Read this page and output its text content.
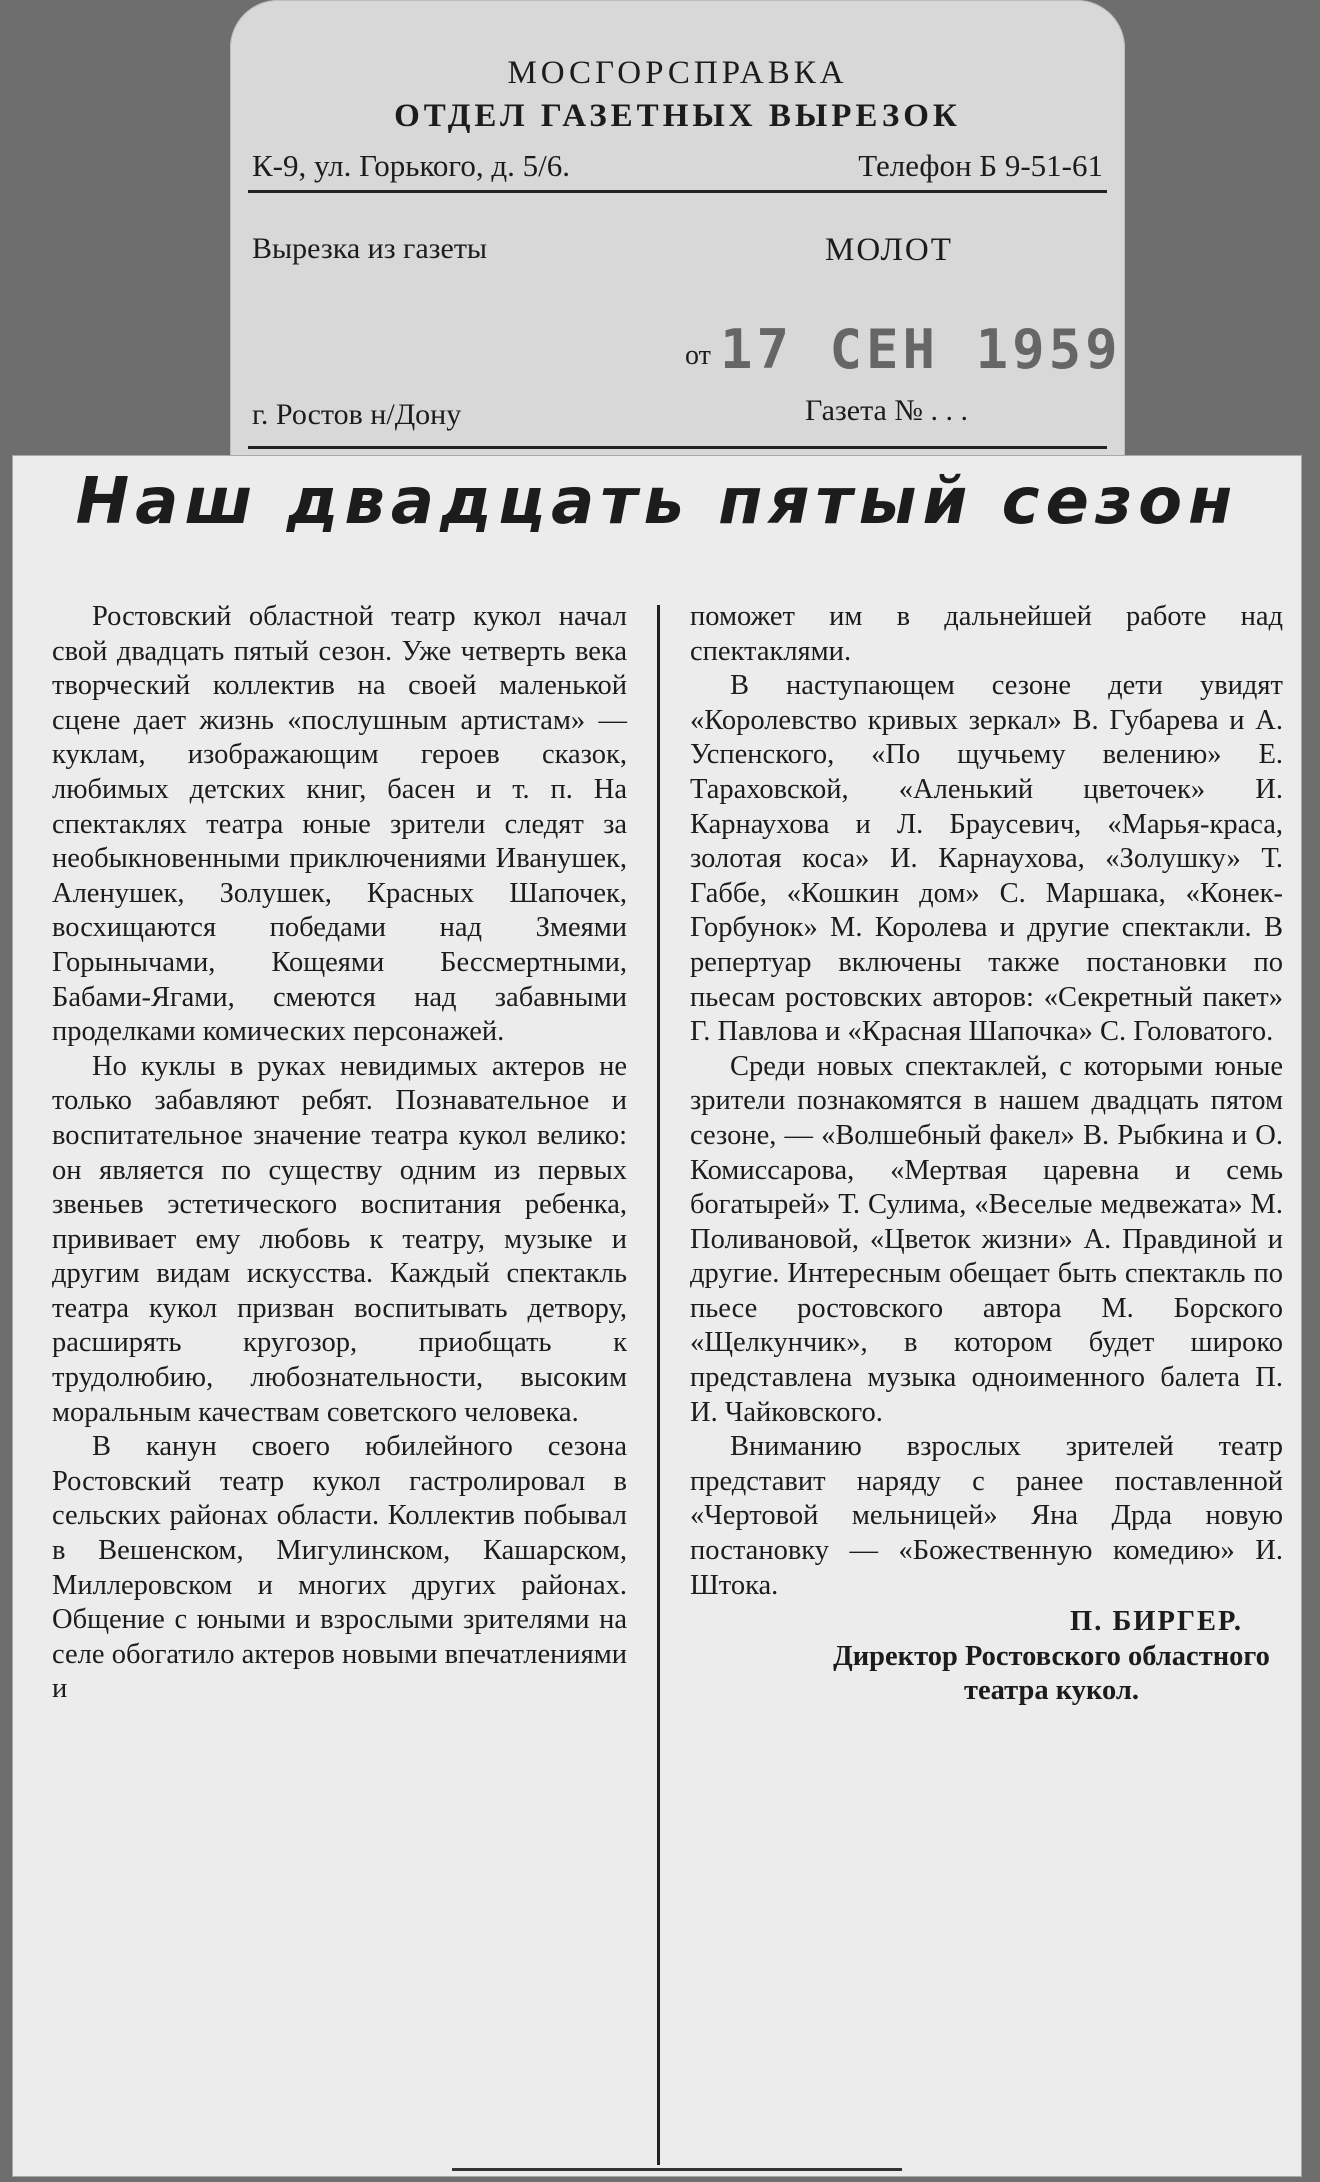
МОСГОРСПРАВКА
ОТДЕЛ ГАЗЕТНЫХ ВЫРЕЗОК
К-9, ул. Горького, д. 5/6.	Телефон Б 9-51-61
Вырезка из газеты	МОЛОТ
от 17 СЕН 1959
г. Ростов н/Дону	Газета № . . .
Наш двадцать пятый сезон

Ростовский областной театр кукол начал свой двадцать пятый сезон. Уже четверть века творческий коллектив на своей маленькой сцене дает жизнь «послушным артистам» — куклам, изображающим героев сказок, любимых детских книг, басен и т. п. На спектаклях театра юные зрители следят за необыкновенными приключениями Иванушек, Аленушек, Золушек, Красных Шапочек, восхищаются победами над Змеями Горынычами, Кощеями Бессмертными, Бабами-Ягами, смеются над забавными проделками комических персонажей.

Но куклы в руках невидимых актеров не только забавляют ребят. Познавательное и воспитательное значение театра кукол велико: он является по существу одним из первых звеньев эстетического воспитания ребенка, прививает ему любовь к театру, музыке и другим видам искусства. Каждый спектакль театра кукол призван воспитывать детвору, расширять кругозор, приобщать к трудолюбию, любознательности, высоким моральным качествам советского человека.

В канун своего юбилейного сезона Ростовский театр кукол гастролировал в сельских районах области. Коллектив побывал в Вешенском, Мигулинском, Кашарском, Миллеровском и многих других районах. Общение с юными и взрослыми зрителями на селе обогатило актеров новыми впечатлениями и

поможет им в дальнейшей работе над спектаклями.

В наступающем сезоне дети увидят «Королевство кривых зеркал» В. Губарева и А. Успенского, «По щучьему велению» Е. Тараховской, «Аленький цветочек» И. Карнаухова и Л. Браусевич, «Марья-краса, золотая коса» И. Карнаухова, «Золушку» Т. Габбе, «Кошкин дом» С. Маршака, «Конек-Горбунок» М. Королева и другие спектакли. В репертуар включены также постановки по пьесам ростовских авторов: «Секретный пакет» Г. Павлова и «Красная Шапочка» С. Головатого.

Среди новых спектаклей, с которыми юные зрители познакомятся в нашем двадцать пятом сезоне, — «Волшебный факел» В. Рыбкина и О. Комиссарова, «Мертвая царевна и семь богатырей» Т. Сулима, «Веселые медвежата» М. Поливановой, «Цветок жизни» А. Правдиной и другие. Интересным обещает быть спектакль по пьесе ростовского автора М. Борского «Щелкунчик», в котором будет широко представлена музыка одноименного балета П. И. Чайковского.

Вниманию взрослых зрителей театр представит наряду с ранее поставленной «Чертовой мельницей» Яна Дрда новую постановку — «Божественную комедию» И. Штока.

П. БИРГЕР.
Директор Ростовского областного театра кукол.
